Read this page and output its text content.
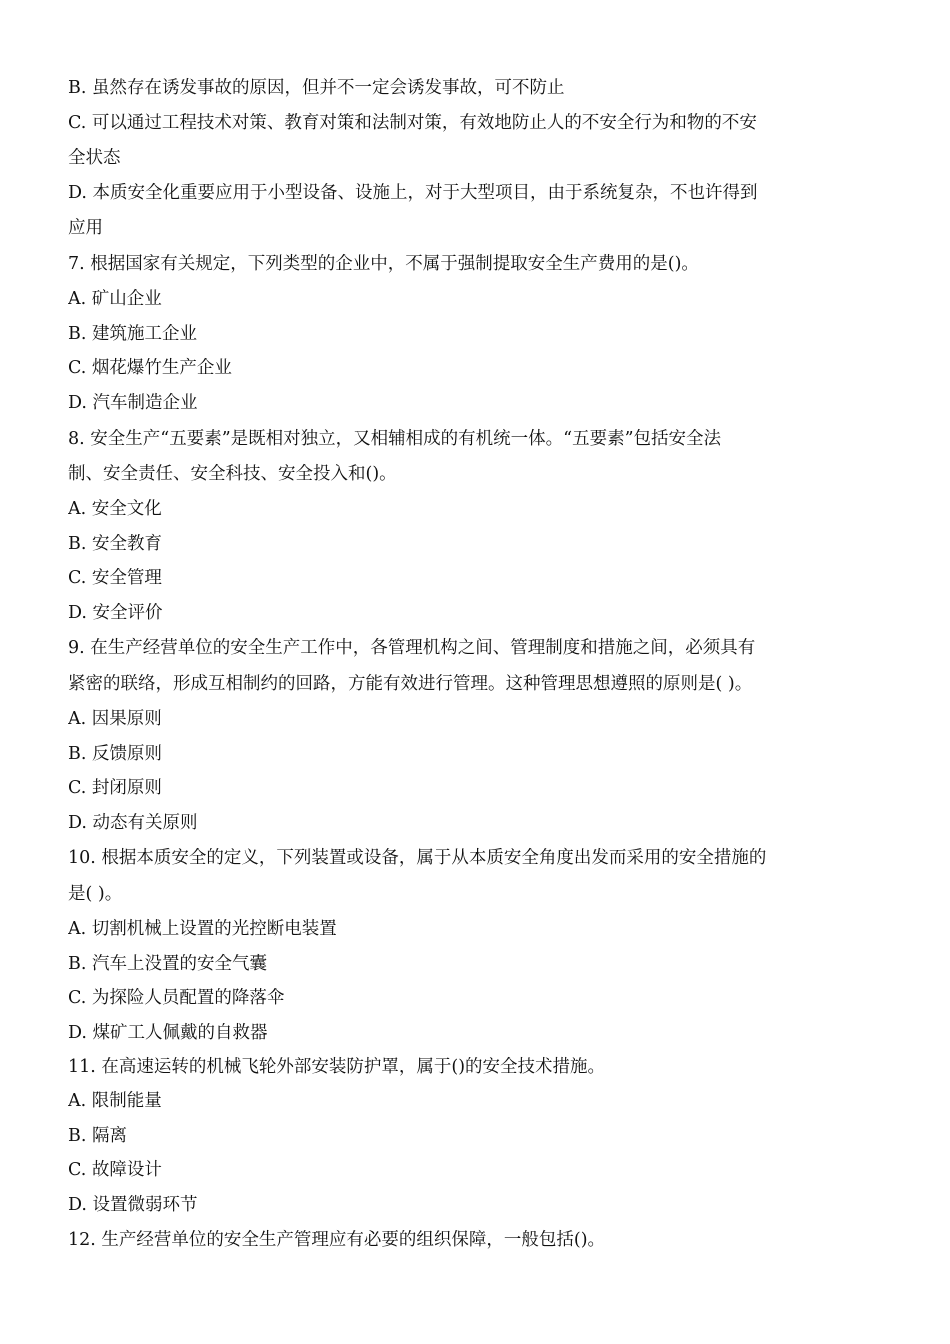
B. 虽然存在诱发事故的原因，但并不一定会诱发事故，可不防止
C. 可以通过工程技术对策、教育对策和法制对策，有效地防止人的不安全行为和物的不安
全状态
D. 本质安全化重要应用于小型设备、设施上，对于大型项目，由于系统复杂，不也许得到
应用
7. 根据国家有关规定，下列类型的企业中，不属于强制提取安全生产费用的是()。
A. 矿山企业
B. 建筑施工企业
C. 烟花爆竹生产企业
D. 汽车制造企业
8. 安全生产“五要素”是既相对独立，又相辅相成的有机统一体。“五要素”包括安全法
制、安全责任、安全科技、安全投入和()。
A. 安全文化
B. 安全教育
C. 安全管理
D. 安全评价
9. 在生产经营单位的安全生产工作中，各管理机构之间、管理制度和措施之间，必须具有
紧密的联络，形成互相制约的回路，方能有效进行管理。这种管理思想遵照的原则是( )。
A. 因果原则
B. 反馈原则
C. 封闭原则
D. 动态有关原则
10. 根据本质安全的定义，下列装置或设备，属于从本质安全角度出发而采用的安全措施的
是( )。
A. 切割机械上设置的光控断电装置
B. 汽车上没置的安全气囊
C. 为探险人员配置的降落伞
D. 煤矿工人佩戴的自救器
11. 在高速运转的机械飞轮外部安装防护罩，属于()的安全技术措施。
A. 限制能量
B. 隔离
C. 故障设计
D. 设置微弱环节
12. 生产经营单位的安全生产管理应有必要的组织保障，一般包括()。
